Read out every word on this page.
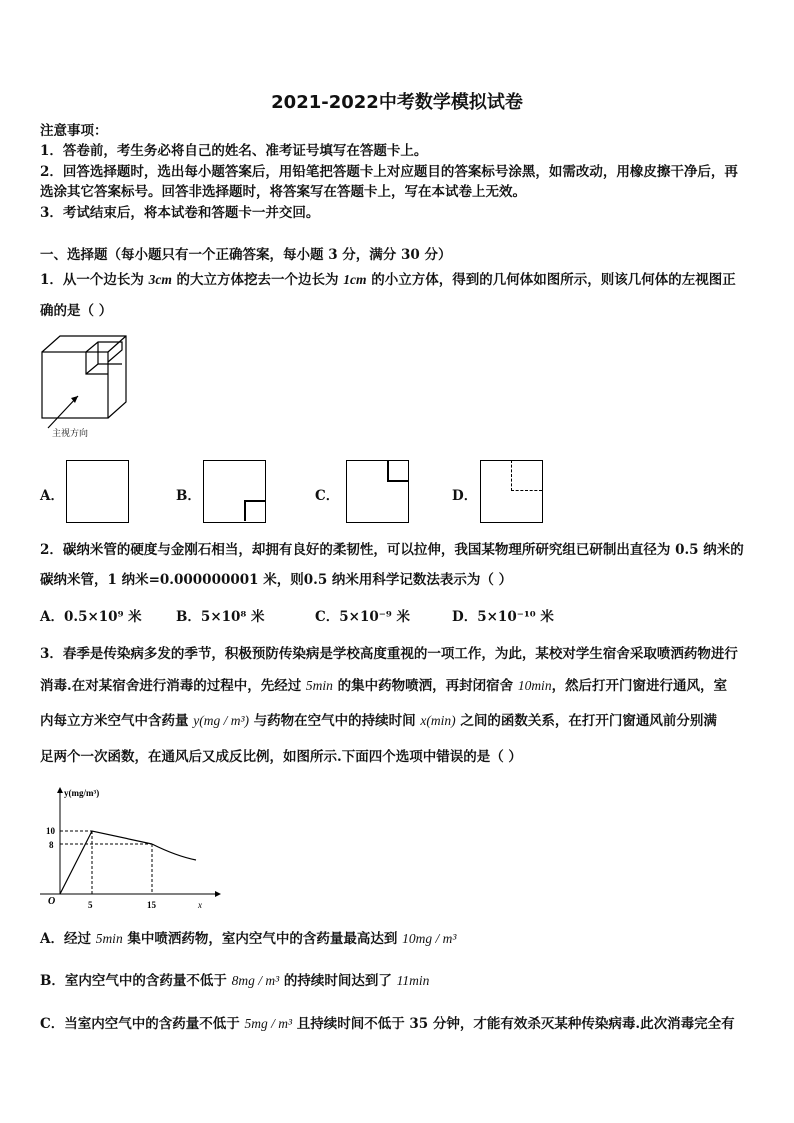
2021-2022中考数学模拟试卷
注意事项：
1．答卷前，考生务必将自己的姓名、准考证号填写在答题卡上。
2．回答选择题时，选出每小题答案后，用铅笔把答题卡上对应题目的答案标号涂黑，如需改动，用橡皮擦干净后，再
选涂其它答案标号。回答非选择题时，将答案写在答题卡上，写在本试卷上无效。
3．考试结束后，将本试卷和答题卡一并交回。
一、选择题（每小题只有一个正确答案，每小题 3 分，满分 30 分）
1．从一个边长为 3cm 的大立方体挖去一个边长为 1cm 的小立方体，得到的几何体如图所示，则该几何体的左视图正
确的是（ ）
主视方向
A．	B．	C．	D．
2．碳纳米管的硬度与金刚石相当，却拥有良好的柔韧性，可以拉伸，我国某物理所研究组已研制出直径为 0.5 纳米的
碳纳米管，1 纳米=0.000000001 米，则0.5 纳米用科学记数法表示为（ ）
A．0.5×10⁹ 米	B．5×10⁸ 米	C．5×10⁻⁹ 米	D．5×10⁻¹⁰ 米
3．春季是传染病多发的季节，积极预防传染病是学校高度重视的一项工作，为此，某校对学生宿舍采取喷洒药物进行
消毒.在对某宿舍进行消毒的过程中，先经过 5min 的集中药物喷洒，再封闭宿舍 10min，然后打开门窗进行通风，室
内每立方米空气中含药量 y(mg / m³) 与药物在空气中的持续时间 x(min) 之间的函数关系，在打开门窗通风前分别满
足两个一次函数，在通风后又成反比例，如图所示.下面四个选项中错误的是（ ）
y(mg/m³)
10
8
O	5	15	x
A．经过 5min 集中喷洒药物，室内空气中的含药量最高达到 10mg / m³
B．室内空气中的含药量不低于 8mg / m³ 的持续时间达到了 11min
C．当室内空气中的含药量不低于 5mg / m³ 且持续时间不低于 35 分钟，才能有效杀灭某种传染病毒.此次消毒完全有
